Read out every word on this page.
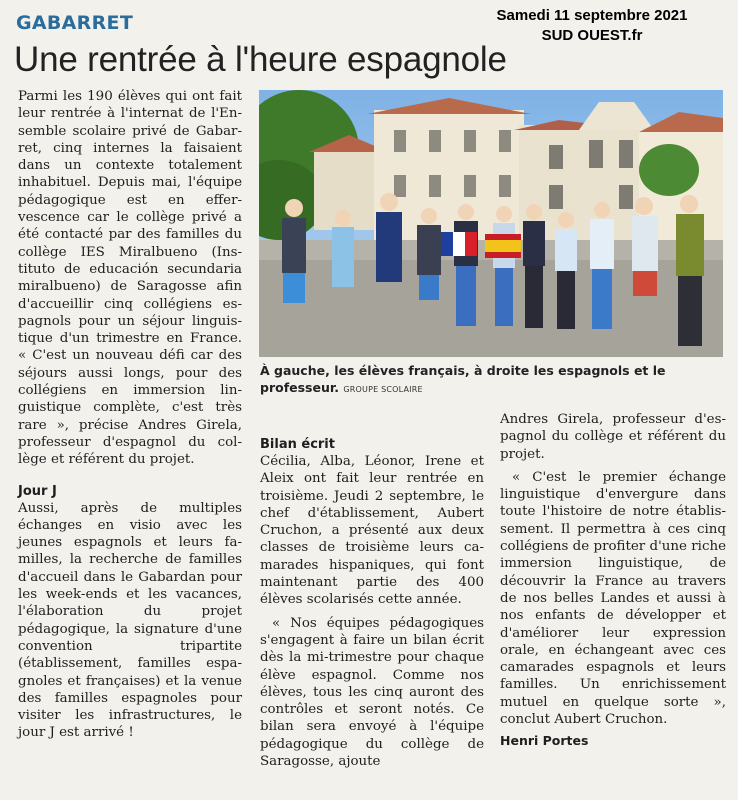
GABARRET	Samedi 11 septembre 2021
SUD OUEST.fr
Une rentrée à l'heure espagnole

Parmi les 190 élèves qui ont fait leur rentrée à l'internat de l'Ensemble scolaire privé de Gabarret, cinq internes la faisaient dans un contexte totalement inhabituel. Depuis mai, l'équipe pédagogique est en effervescence car le collège privé a été contacté par des familles du collège IES Miralbueno (Instituto de educación secundaria miralbueno) de Saragosse afin d'accueillir cinq collégiens espagnols pour un séjour linguistique d'un trimestre en France. « C'est un nouveau défi car des séjours aussi longs, pour des collégiens en immersion linguistique complète, c'est très rare », précise Andres Girela, professeur d'espagnol du collège et référent du projet.

Jour J

Aussi, après de multiples échanges en visio avec les jeunes espagnols et leurs familles, la recherche de familles d'accueil dans le Gabardan pour les week-ends et les vacances, l'élaboration du projet pédagogique, la signature d'une convention tripartite (établissement, familles espagnoles et françaises) et la venue des familles espagnoles pour visiter les infrastructures, le jour J est arrivé !

À gauche, les élèves français, à droite les espagnols et le professeur. GROUPE SCOLAIRE
Bilan écrit

Cécilia, Alba, Léonor, Irene et Aleix ont fait leur rentrée en troisième. Jeudi 2 septembre, le chef d'établissement, Aubert Cruchon, a présenté aux deux classes de troisième leurs camarades hispaniques, qui font maintenant partie des 400 élèves scolarisés cette année.

« Nos équipes pédagogiques s'engagent à faire un bilan écrit dès la mi-trimestre pour chaque élève espagnol. Comme nos élèves, tous les cinq auront des contrôles et seront notés. Ce bilan sera envoyé à l'équipe pédagogique du collège de Saragosse, ajoute

Andres Girela, professeur d'espagnol du collège et référent du projet.

« C'est le premier échange linguistique d'envergure dans toute l'histoire de notre établissement. Il permettra à ces cinq collégiens de profiter d'une riche immersion linguistique, de découvrir la France au travers de nos belles Landes et aussi à nos enfants de développer et d'améliorer leur expression orale, en échangeant avec ces camarades espagnols et leurs familles. Un enrichissement mutuel en quelque sorte », conclut Aubert Cruchon.

Henri Portes
